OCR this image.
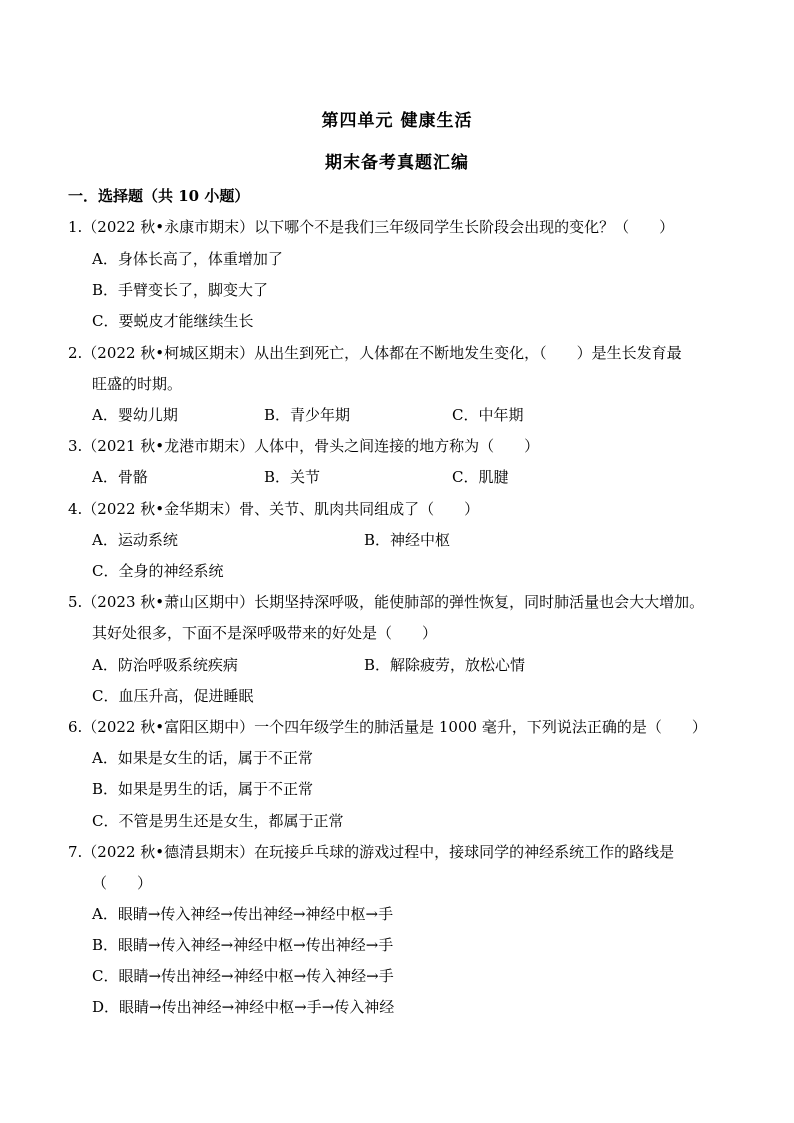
第四单元 健康生活
期末备考真题汇编
一．选择题（共 10 小题）
1.（2022 秋•永康市期末）以下哪个不是我们三年级同学生长阶段会出现的变化？（　　）
A．身体长高了，体重增加了
B．手臂变长了，脚变大了
C．要蜕皮才能继续生长
2.（2022 秋•柯城区期末）从出生到死亡，人体都在不断地发生变化，（　　）是生长发育最
旺盛的时期。
A．婴幼儿期	B．青少年期	C．中年期
3.（2021 秋•龙港市期末）人体中，骨头之间连接的地方称为（　　）
A．骨骼	B．关节	C．肌腱
4.（2022 秋•金华期末）骨、关节、肌肉共同组成了（　　）
A．运动系统	B．神经中枢
C．全身的神经系统
5.（2023 秋•萧山区期中）长期坚持深呼吸，能使肺部的弹性恢复，同时肺活量也会大大增加。
其好处很多，下面不是深呼吸带来的好处是（　　）
A．防治呼吸系统疾病	B．解除疲劳，放松心情
C．血压升高，促进睡眠
6.（2022 秋•富阳区期中）一个四年级学生的肺活量是 1000 毫升，下列说法正确的是（　　）
A．如果是女生的话，属于不正常
B．如果是男生的话，属于不正常
C．不管是男生还是女生，都属于正常
7.（2022 秋•德清县期末）在玩接乒乓球的游戏过程中，接球同学的神经系统工作的路线是
（　　）
A．眼睛→传入神经→传出神经→神经中枢→手
B．眼睛→传入神经→神经中枢→传出神经→手
C．眼睛→传出神经→神经中枢→传入神经→手
D．眼睛→传出神经→神经中枢→手→传入神经
